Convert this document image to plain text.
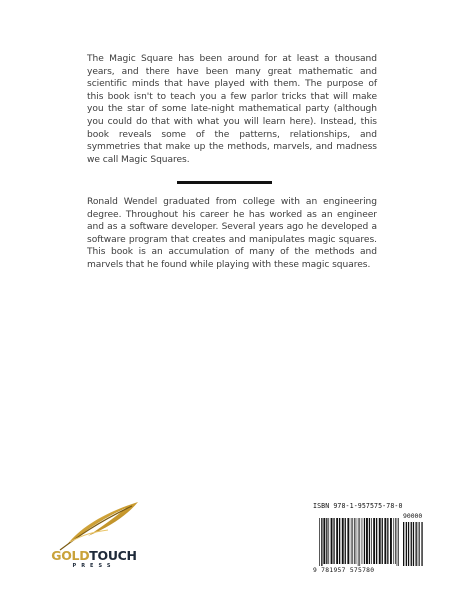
The Magic Square has been around for at least a thousand years, and there have been many great mathematic and scientific minds that have played with them. The purpose of this book isn't to teach you a few parlor tricks that will make you the star of some late-night mathematical party (although you could do that with what you will learn here). Instead, this book reveals some of the patterns, relationships, and symmetries that make up the methods, marvels, and madness we call Magic Squares.

Ronald Wendel graduated from college with an engineering degree. Throughout his career he has worked as an engineer and as a software developer. Several years ago he developed a software program that creates and manipulates magic squares. This book is an accumulation of many of the methods and marvels that he found while playing with these magic squares.

GOLDTOUCH
PRESS
ISBN 978-1-957575-78-0
90000
9 781957 575780
